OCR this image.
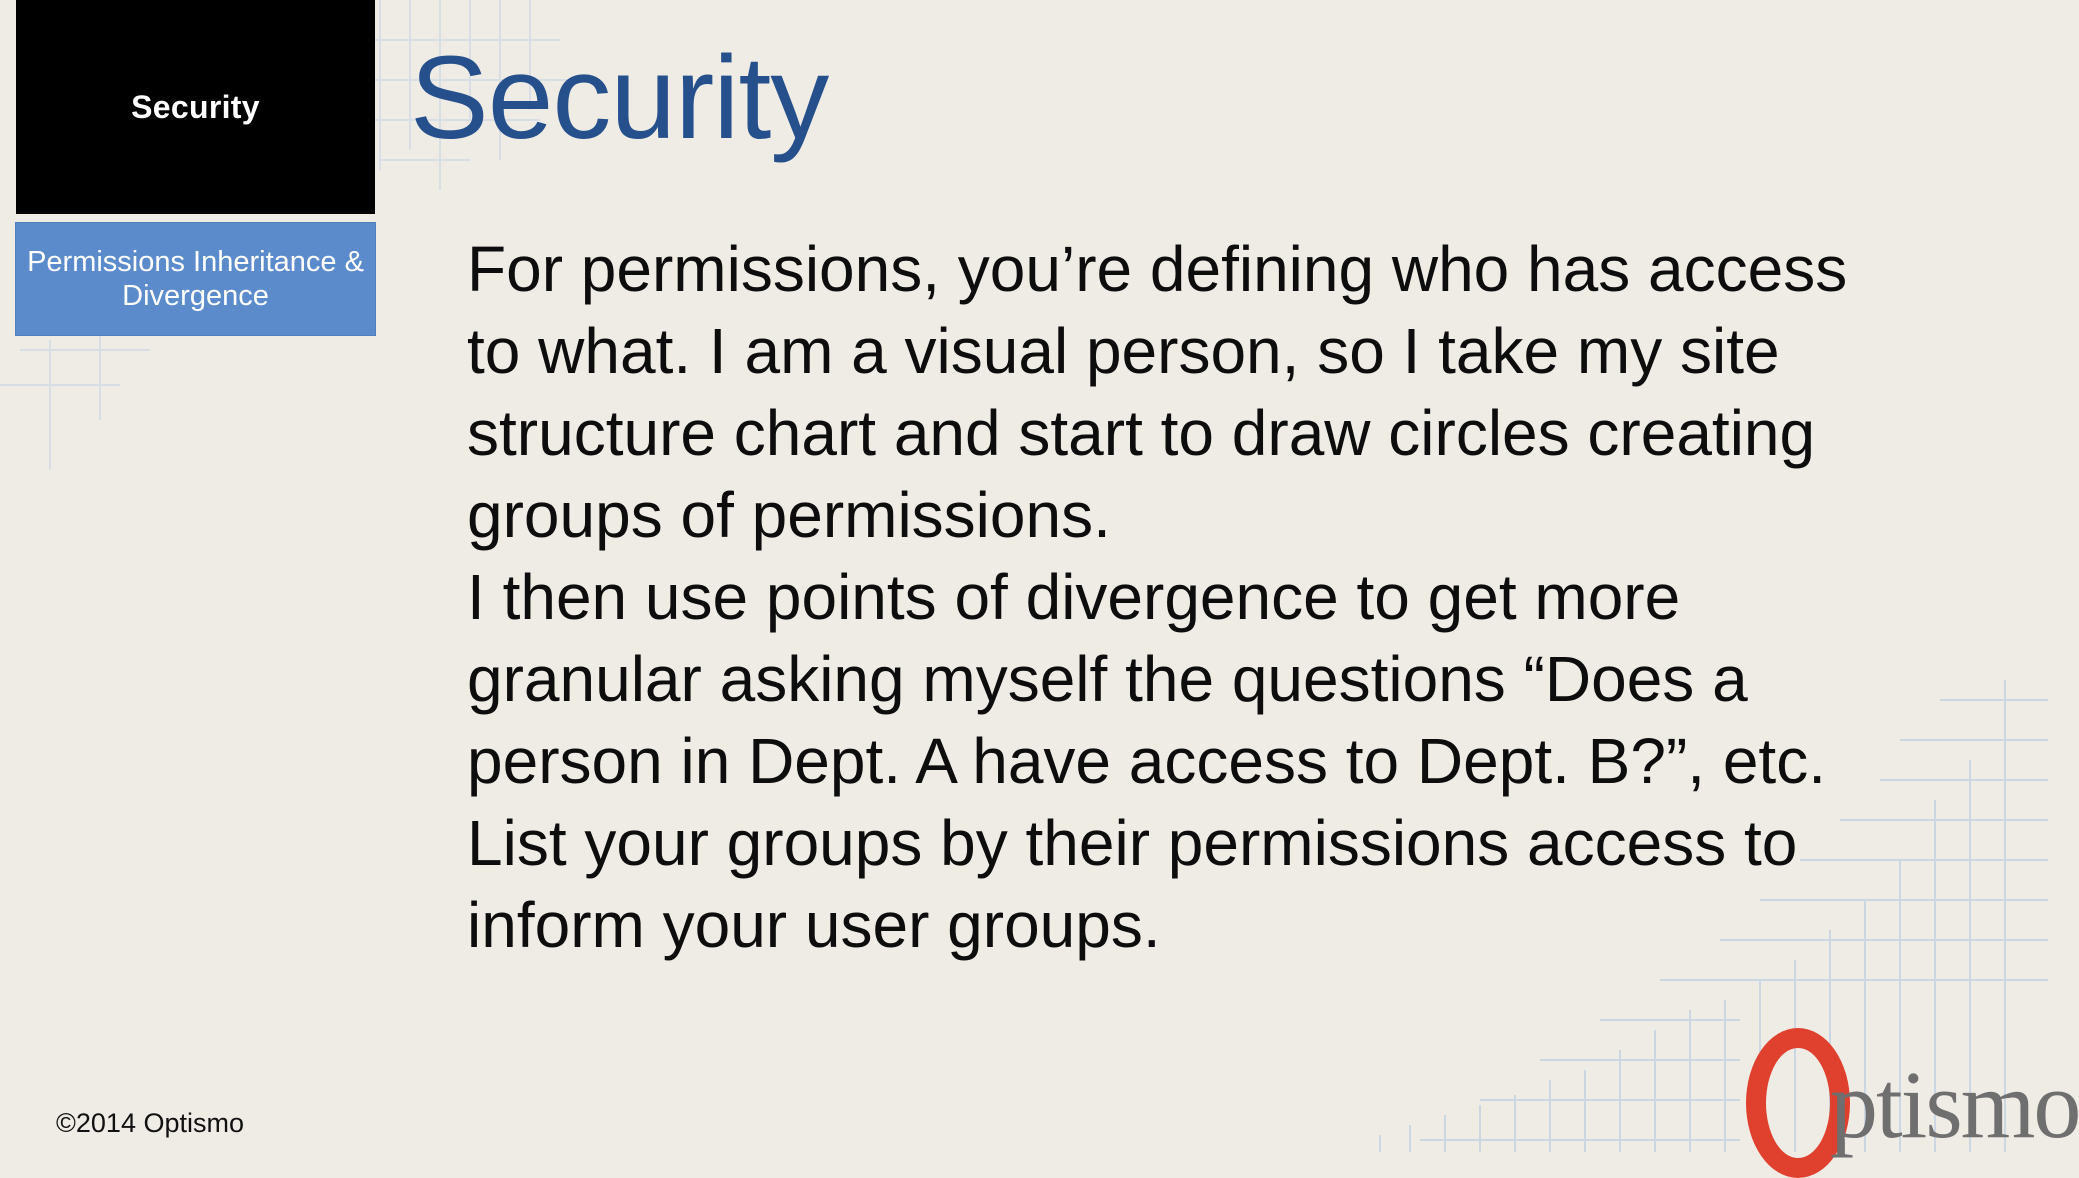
Security
Permissions Inheritance & Divergence
Security
For permissions, you’re defining who has access
to what. I am a visual person, so I take my site
structure chart and start to draw circles creating
groups of permissions.
I then use points of divergence to get more
granular asking myself the questions “Does a
person in Dept. A have access to Dept. B?”, etc.
List your groups by their permissions access to
inform your user groups.
©2014 Optismo	ptismo
